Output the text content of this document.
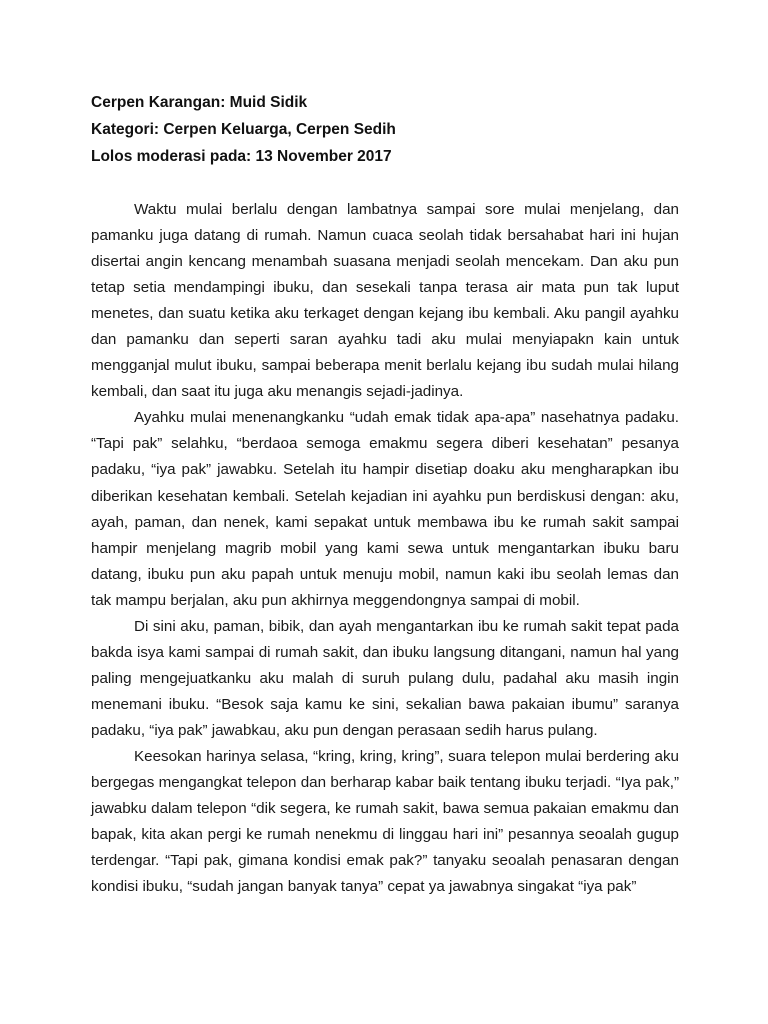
Cerpen Karangan: Muid Sidik
Kategori: Cerpen Keluarga, Cerpen Sedih
Lolos moderasi pada: 13 November 2017

Waktu mulai berlalu dengan lambatnya sampai sore mulai menjelang, dan pamanku juga datang di rumah. Namun cuaca seolah tidak bersahabat hari ini hujan disertai angin kencang menambah suasana menjadi seolah mencekam. Dan aku pun tetap setia mendampingi ibuku, dan sesekali tanpa terasa air mata pun tak luput menetes, dan suatu ketika aku terkaget dengan kejang ibu kembali. Aku pangil ayahku dan pamanku dan seperti saran ayahku tadi aku mulai menyiapakn kain untuk mengganjal mulut ibuku, sampai beberapa menit berlalu kejang ibu sudah mulai hilang kembali, dan saat itu juga aku menangis sejadi-jadinya.

Ayahku mulai menenangkanku “udah emak tidak apa-apa” nasehatnya padaku. “Tapi pak” selahku, “berdaoa semoga emakmu segera diberi kesehatan” pesanya padaku, “iya pak” jawabku. Setelah itu hampir disetiap doaku aku mengharapkan ibu diberikan kesehatan kembali. Setelah kejadian ini ayahku pun berdiskusi dengan: aku, ayah, paman, dan nenek, kami sepakat untuk membawa ibu ke rumah sakit sampai hampir menjelang magrib mobil yang kami sewa untuk mengantarkan ibuku baru datang, ibuku pun aku papah untuk menuju mobil, namun kaki ibu seolah lemas dan tak mampu berjalan, aku pun akhirnya meggendongnya sampai di mobil.

Di sini aku, paman, bibik, dan ayah mengantarkan ibu ke rumah sakit tepat pada bakda isya kami sampai di rumah sakit, dan ibuku langsung ditangani, namun hal yang paling mengejuatkanku aku malah di suruh pulang dulu, padahal aku masih ingin menemani ibuku. “Besok saja kamu ke sini, sekalian bawa pakaian ibumu” saranya padaku, “iya pak” jawabkau, aku pun dengan perasaan sedih harus pulang.

Keesokan harinya selasa, “kring, kring, kring”, suara telepon mulai berdering aku bergegas mengangkat telepon dan berharap kabar baik tentang ibuku terjadi. “Iya pak,” jawabku dalam telepon “dik segera, ke rumah sakit, bawa semua pakaian emakmu dan bapak, kita akan pergi ke rumah nenekmu di linggau hari ini” pesannya seoalah gugup terdengar. “Tapi pak, gimana kondisi emak pak?” tanyaku seoalah penasaran dengan kondisi ibuku, “sudah jangan banyak tanya” cepat ya jawabnya singakat “iya pak”
